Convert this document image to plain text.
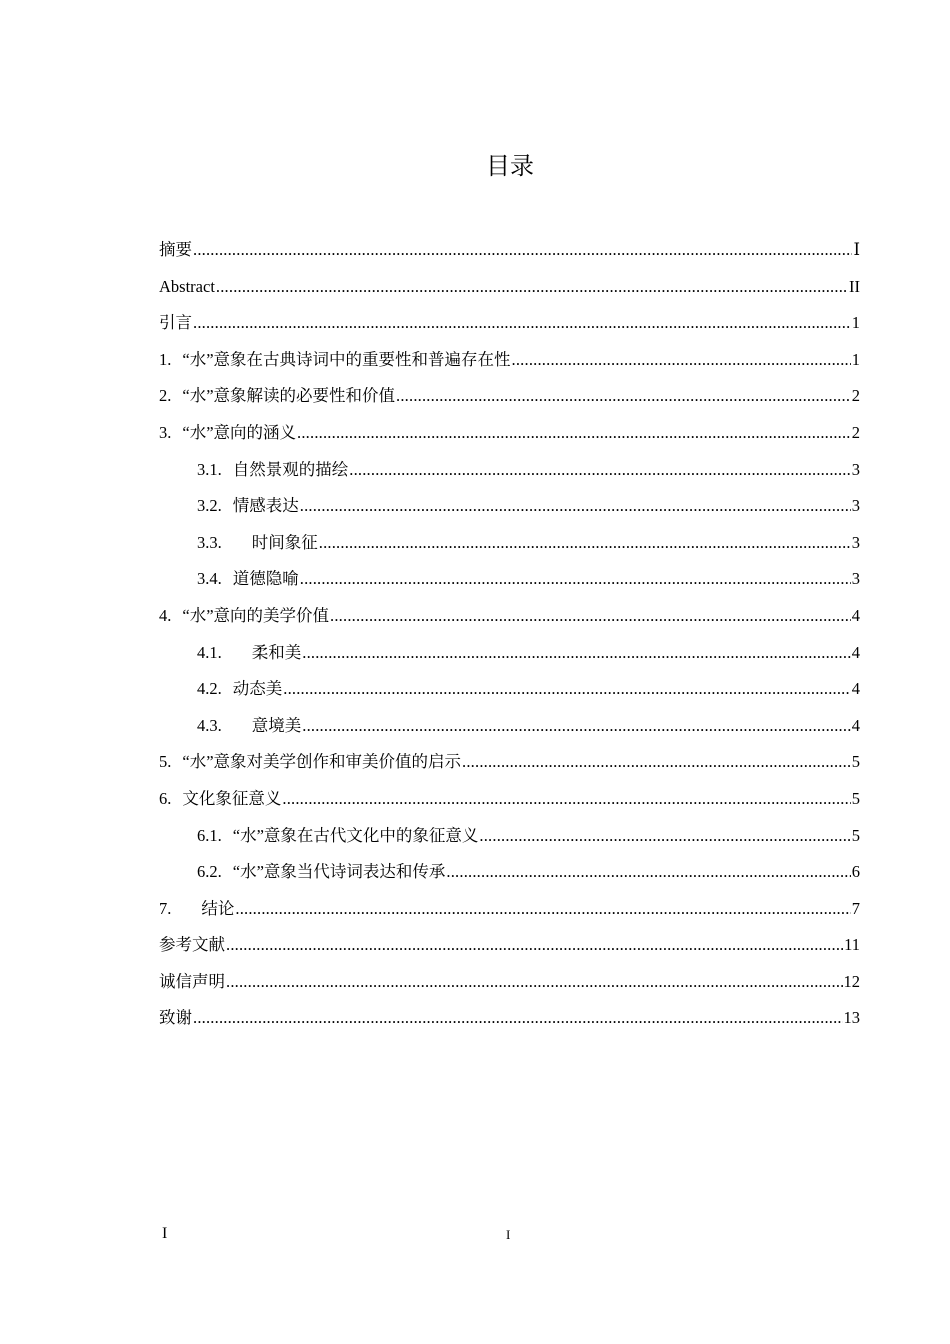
目录
摘要 .....	Ⅰ
Abstract .....	II
引言 .....	1
1. “水”意象在古典诗词中的重要性和普遍存在性 .....	1
2. “水”意象解读的必要性和价值 .....	2
3. “水”意向的涵义 .....	2
3.1. 自然景观的描绘 .....	3
3.2. 情感表达 .....	3
3.3. 时间象征 .....	3
3.4. 道德隐喻 .....	3
4. “水”意向的美学价值 .....	4
4.1. 柔和美 .....	4
4.2. 动态美 .....	4
4.3. 意境美 .....	4
5. “水”意象对美学创作和审美价值的启示 .....	5
6. 文化象征意义 .....	5
6.1. “水”意象在古代文化中的象征意义 .....	5
6.2. “水”意象当代诗词表达和传承 .....	6
7. 结论 .....	7
参考文献 .....	11
诚信声明 .....	12
致谢 .....	13
I	I
